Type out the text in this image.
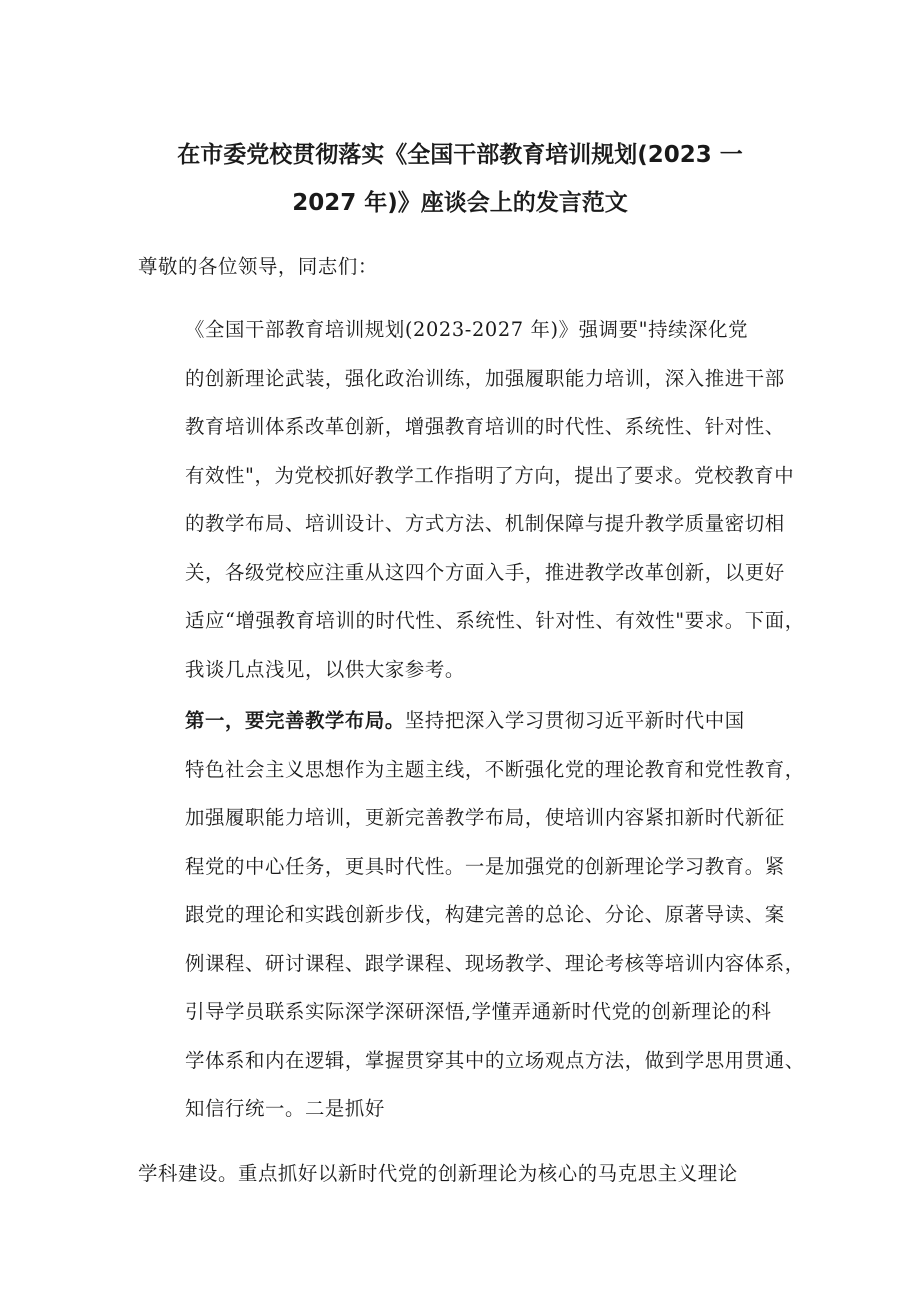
在市委党校贯彻落实《全国干部教育培训规划(2023 一
2027 年)》座谈会上的发言范文

尊敬的各位领导，同志们：

《全国干部教育培训规划(2023-2027 年)》强调要"持续深化党
的创新理论武装，强化政治训练，加强履职能力培训，深入推进干部
教育培训体系改革创新，增强教育培训的时代性、系统性、针对性、
有效性"，为党校抓好教学工作指明了方向，提出了要求。党校教育中
的教学布局、培训设计、方式方法、机制保障与提升教学质量密切相
关，各级党校应注重从这四个方面入手，推进教学改革创新，以更好
适应“增强教育培训的时代性、系统性、针对性、有效性"要求。下面，
我谈几点浅见，以供大家参考。

第一，要完善教学布局。坚持把深入学习贯彻习近平新时代中国
特色社会主义思想作为主题主线，不断强化党的理论教育和党性教育，
加强履职能力培训，更新完善教学布局，使培训内容紧扣新时代新征
程党的中心任务，更具时代性。一是加强党的创新理论学习教育。紧
跟党的理论和实践创新步伐，构建完善的总论、分论、原著导读、案
例课程、研讨课程、跟学课程、现场教学、理论考核等培训内容体系，
引导学员联系实际深学深研深悟,学懂弄通新时代党的创新理论的科
学体系和内在逻辑，掌握贯穿其中的立场观点方法，做到学思用贯通、
知信行统一。二是抓好

学科建设。重点抓好以新时代党的创新理论为核心的马克思主义理论
